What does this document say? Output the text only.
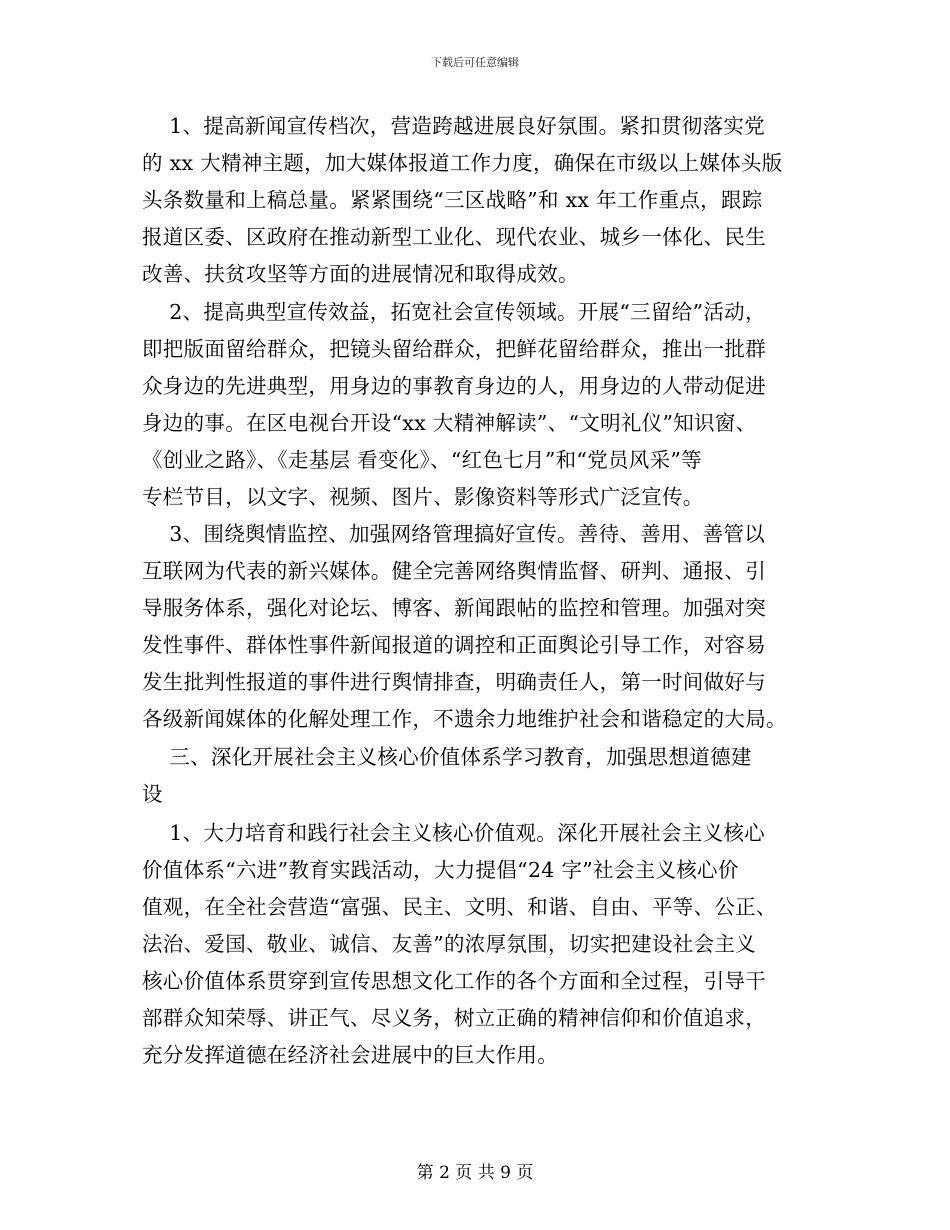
下载后可任意编辑
1、提高新闻宣传档次，营造跨越进展良好氛围。紧扣贯彻落实党
的 xx 大精神主题，加大媒体报道工作力度，确保在市级以上媒体头版
头条数量和上稿总量。紧紧围绕“三区战略”和 xx 年工作重点，跟踪
报道区委、区政府在推动新型工业化、现代农业、城乡一体化、民生
改善、扶贫攻坚等方面的进展情况和取得成效。
2、提高典型宣传效益，拓宽社会宣传领域。开展“三留给”活动，
即把版面留给群众，把镜头留给群众，把鲜花留给群众，推出一批群
众身边的先进典型，用身边的事教育身边的人，用身边的人带动促进
身边的事。在区电视台开设“xx 大精神解读”、“文明礼仪”知识窗、
《创业之路》、《走基层 看变化》、“红色七月”和“党员风采”等
专栏节目，以文字、视频、图片、影像资料等形式广泛宣传。
3、围绕舆情监控、加强网络管理搞好宣传。善待、善用、善管以
互联网为代表的新兴媒体。健全完善网络舆情监督、研判、通报、引
导服务体系，强化对论坛、博客、新闻跟帖的监控和管理。加强对突
发性事件、群体性事件新闻报道的调控和正面舆论引导工作，对容易
发生批判性报道的事件进行舆情排查，明确责任人，第一时间做好与
各级新闻媒体的化解处理工作，不遗余力地维护社会和谐稳定的大局。
三、深化开展社会主义核心价值体系学习教育，加强思想道德建
设
1、大力培育和践行社会主义核心价值观。深化开展社会主义核心
价值体系“六进”教育实践活动，大力提倡“24 字”社会主义核心价
值观，在全社会营造“富强、民主、文明、和谐、自由、平等、公正、
法治、爱国、敬业、诚信、友善”的浓厚氛围，切实把建设社会主义
核心价值体系贯穿到宣传思想文化工作的各个方面和全过程，引导干
部群众知荣辱、讲正气、尽义务，树立正确的精神信仰和价值追求，
充分发挥道德在经济社会进展中的巨大作用。
第 2 页 共 9 页
